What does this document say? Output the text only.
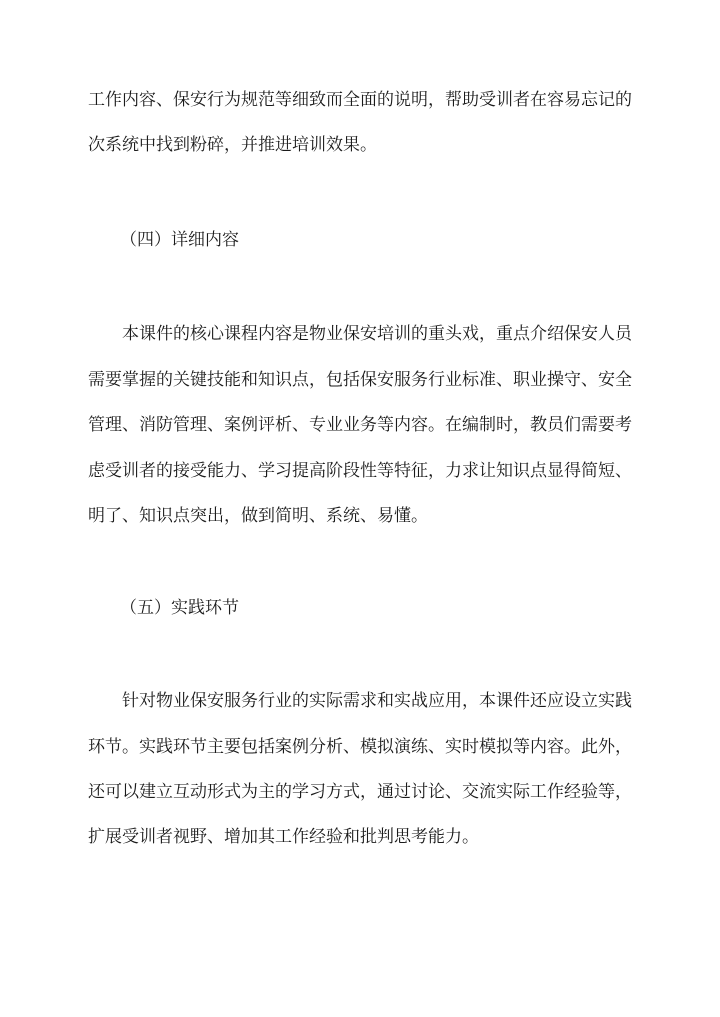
工作内容、保安行为规范等细致而全面的说明，帮助受训者在容易忘记的
次系统中找到粉碎，并推进培训效果。
（四）详细内容
本课件的核心课程内容是物业保安培训的重头戏，重点介绍保安人员
需要掌握的关键技能和知识点，包括保安服务行业标准、职业操守、安全
管理、消防管理、案例评析、专业业务等内容。在编制时，教员们需要考
虑受训者的接受能力、学习提高阶段性等特征，力求让知识点显得简短、
明了、知识点突出，做到简明、系统、易懂。
（五）实践环节
针对物业保安服务行业的实际需求和实战应用，本课件还应设立实践
环节。实践环节主要包括案例分析、模拟演练、实时模拟等内容。此外，
还可以建立互动形式为主的学习方式，通过讨论、交流实际工作经验等，
扩展受训者视野、增加其工作经验和批判思考能力。
